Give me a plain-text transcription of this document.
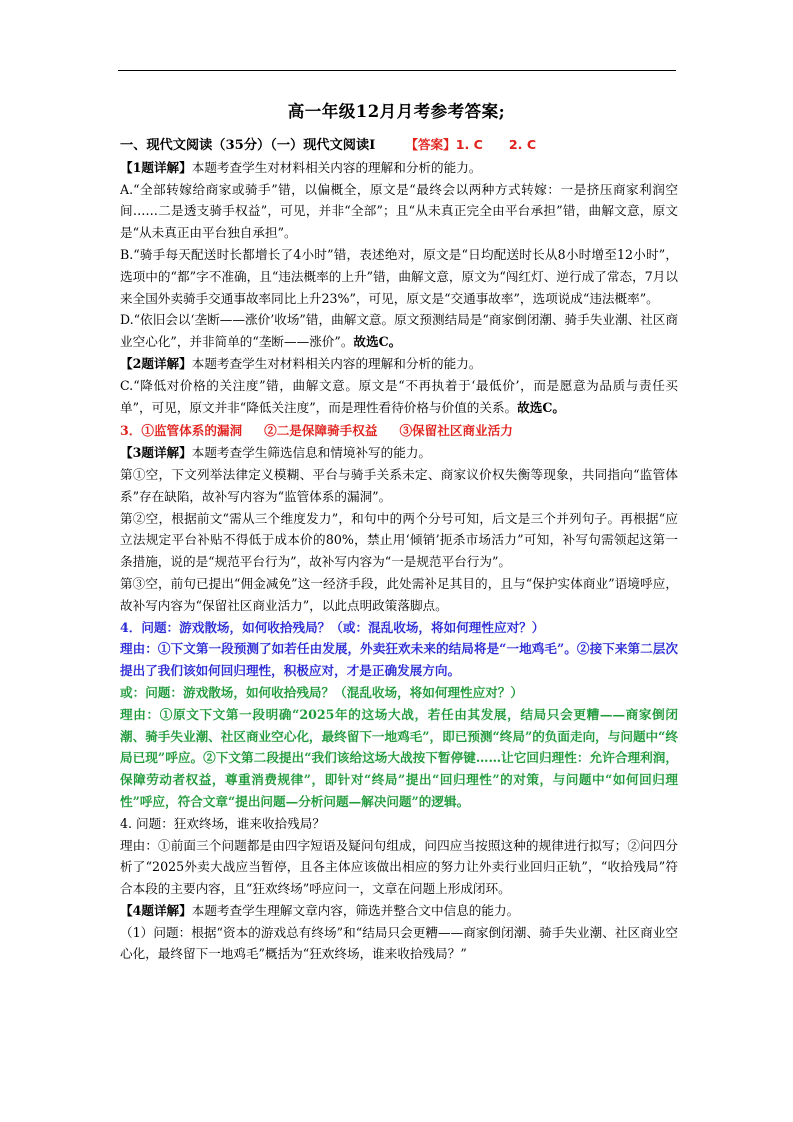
高一年级12月月考参考答案;

一、现代文阅读（35分）（一）现代文阅读Ⅰ 【答案】1. C 2. C

【1题详解】本题考查学生对材料相关内容的理解和分析的能力。

A.“全部转嫁给商家或骑手”错，以偏概全，原文是“最终会以两种方式转嫁：一是挤压商家利润空间……二是透支骑手权益”，可见，并非“全部”；且“从未真正完全由平台承担”错，曲解文意，原文是“从未真正由平台独自承担”。

B.“骑手每天配送时长都增长了4小时”错，表述绝对，原文是“日均配送时长从8小时增至12小时”，选项中的“都”字不准确，且“违法概率的上升”错，曲解文意，原文为“闯红灯、逆行成了常态，7月以来全国外卖骑手交通事故率同比上升23%”，可见，原文是“交通事故率”，选项说成“违法概率”。

D.“依旧会以‘垄断——涨价’收场”错，曲解文意。原文预测结局是“商家倒闭潮、骑手失业潮、社区商业空心化”，并非简单的“垄断——涨价”。故选C。

【2题详解】本题考查学生对材料相关内容的理解和分析的能力。

C.“降低对价格的关注度”错，曲解文意。原文是“不再执着于‘最低价’，而是愿意为品质与责任买单”，可见，原文并非“降低关注度”，而是理性看待价格与价值的关系。故选C。

3．①监管体系的漏洞 ②二是保障骑手权益 ③保留社区商业活力

【3题详解】本题考查学生筛选信息和情境补写的能力。

第①空，下文列举法律定义模糊、平台与骑手关系未定、商家议价权失衡等现象，共同指向“监管体系”存在缺陷，故补写内容为“监管体系的漏洞”。

第②空，根据前文“需从三个维度发力”，和句中的两个分号可知，后文是三个并列句子。再根据“应立法规定平台补贴不得低于成本价的80%，禁止用‘倾销’扼杀市场活力”可知，补写句需领起这第一条措施，说的是“规范平台行为”，故补写内容为“一是规范平台行为”。

第③空，前句已提出“佣金减免”这一经济手段，此处需补足其目的，且与“保护实体商业”语境呼应，故补写内容为“保留社区商业活力”，以此点明政策落脚点。

4．问题：游戏散场，如何收拾残局？（或：混乱收场，将如何理性应对？）

理由：①下文第一段预测了如若任由发展，外卖狂欢未来的结局将是“一地鸡毛”。②接下来第二层次提出了我们该如何回归理性，积极应对，才是正确发展方向。

或：问题：游戏散场，如何收拾残局？（混乱收场，将如何理性应对？）

理由：①原文下文第一段明确“2025年的这场大战，若任由其发展，结局只会更糟——商家倒闭潮、骑手失业潮、社区商业空心化，最终留下一地鸡毛”，即已预测“终局”的负面走向，与问题中“终局已现”呼应。②下文第二段提出“我们该给这场大战按下暂停键……让它回归理性：允许合理利润，保障劳动者权益，尊重消费规律”，即针对“终局”提出“回归理性”的对策，与问题中“如何回归理性”呼应，符合文章“提出问题—分析问题—解决问题”的逻辑。

4. 问题：狂欢终场，谁来收拾残局？

理由：①前面三个问题都是由四字短语及疑问句组成，问四应当按照这种的规律进行拟写；②问四分析了“2025外卖大战应当暂停，且各主体应该做出相应的努力让外卖行业回归正轨”，“收拾残局”符合本段的主要内容，且“狂欢终场”呼应问一，文章在问题上形成闭环。

【4题详解】本题考查学生理解文章内容，筛选并整合文中信息的能力。

（1）问题：根据“资本的游戏总有终场”和“结局只会更糟——商家倒闭潮、骑手失业潮、社区商业空心化，最终留下一地鸡毛”概括为“狂欢终场，谁来收拾残局？”
